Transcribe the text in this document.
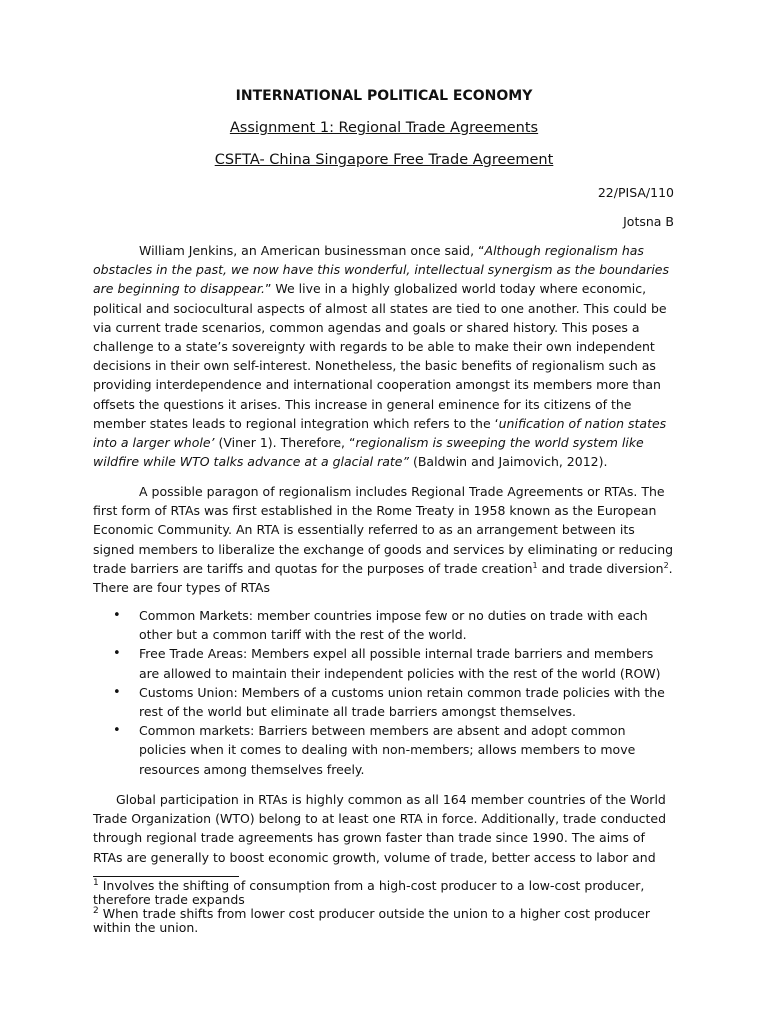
INTERNATIONAL POLITICAL ECONOMY
Assignment 1: Regional Trade Agreements
CSFTA- China Singapore Free Trade Agreement
22/PISA/110
Jotsna B

William Jenkins, an American businessman once said, “Although regionalism has obstacles in the past, we now have this wonderful, intellectual synergism as the boundaries are beginning to disappear.” We live in a highly globalized world today where economic, political and sociocultural aspects of almost all states are tied to one another. This could be via current trade scenarios, common agendas and goals or shared history. This poses a challenge to a state’s sovereignty with regards to be able to make their own independent decisions in their own self-interest. Nonetheless, the basic benefits of regionalism such as providing interdependence and international cooperation amongst its members more than offsets the questions it arises. This increase in general eminence for its citizens of the member states leads to regional integration which refers to the ‘unification of nation states into a larger whole’ (Viner 1). Therefore, “regionalism is sweeping the world system like wildfire while WTO talks advance at a glacial rate” (Baldwin and Jaimovich, 2012).

A possible paragon of regionalism includes Regional Trade Agreements or RTAs. The first form of RTAs was first established in the Rome Treaty in 1958 known as the European Economic Community. An RTA is essentially referred to as an arrangement between its signed members to liberalize the exchange of goods and services by eliminating or reducing trade barriers are tariffs and quotas for the purposes of trade creation$^1$ and trade diversion$^2$. There are four types of RTAs

• Common Markets: member countries impose few or no duties on trade with each other but a common tariff with the rest of the world.
• Free Trade Areas: Members expel all possible internal trade barriers and members are allowed to maintain their independent policies with the rest of the world (ROW)
• Customs Union: Members of a customs union retain common trade policies with the rest of the world but eliminate all trade barriers amongst themselves.
• Common markets: Barriers between members are absent and adopt common policies when it comes to dealing with non-members; allows members to move resources among themselves freely.

Global participation in RTAs is highly common as all 164 member countries of the World Trade Organization (WTO) belong to at least one RTA in force. Additionally, trade conducted through regional trade agreements has grown faster than trade since 1990. The aims of RTAs are generally to boost economic growth, volume of trade, better access to labor and

$^1$ Involves the shifting of consumption from a high-cost producer to a low-cost producer, therefore trade expands

$^2$ When trade shifts from lower cost producer outside the union to a higher cost producer within the union.
